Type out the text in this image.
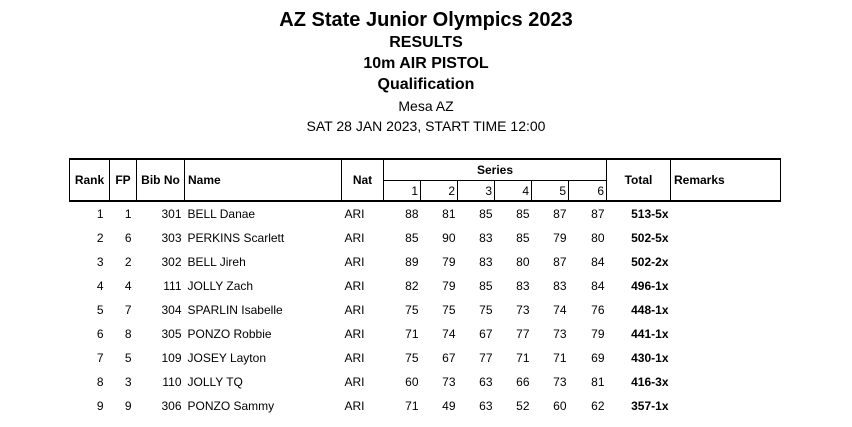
AZ State Junior Olympics 2023
RESULTS
10m AIR PISTOL
Qualification
Mesa AZ
SAT 28 JAN 2023, START TIME 12:00
Rank	FP	Bib No	Name	Nat	Series						Total	Remarks
					1	2	3	4	5	6		
1	1	301	BELL Danae	ARI	88	81	85	85	87	87	513-5x	
2	6	303	PERKINS Scarlett	ARI	85	90	83	85	79	80	502-5x	
3	2	302	BELL Jireh	ARI	89	79	83	80	87	84	502-2x	
4	4	111	JOLLY Zach	ARI	82	79	85	83	83	84	496-1x	
5	7	304	SPARLIN Isabelle	ARI	75	75	75	73	74	76	448-1x	
6	8	305	PONZO Robbie	ARI	71	74	67	77	73	79	441-1x	
7	5	109	JOSEY Layton	ARI	75	67	77	71	71	69	430-1x	
8	3	110	JOLLY TQ	ARI	60	73	63	66	73	81	416-3x	
9	9	306	PONZO Sammy	ARI	71	49	63	52	60	62	357-1x	
